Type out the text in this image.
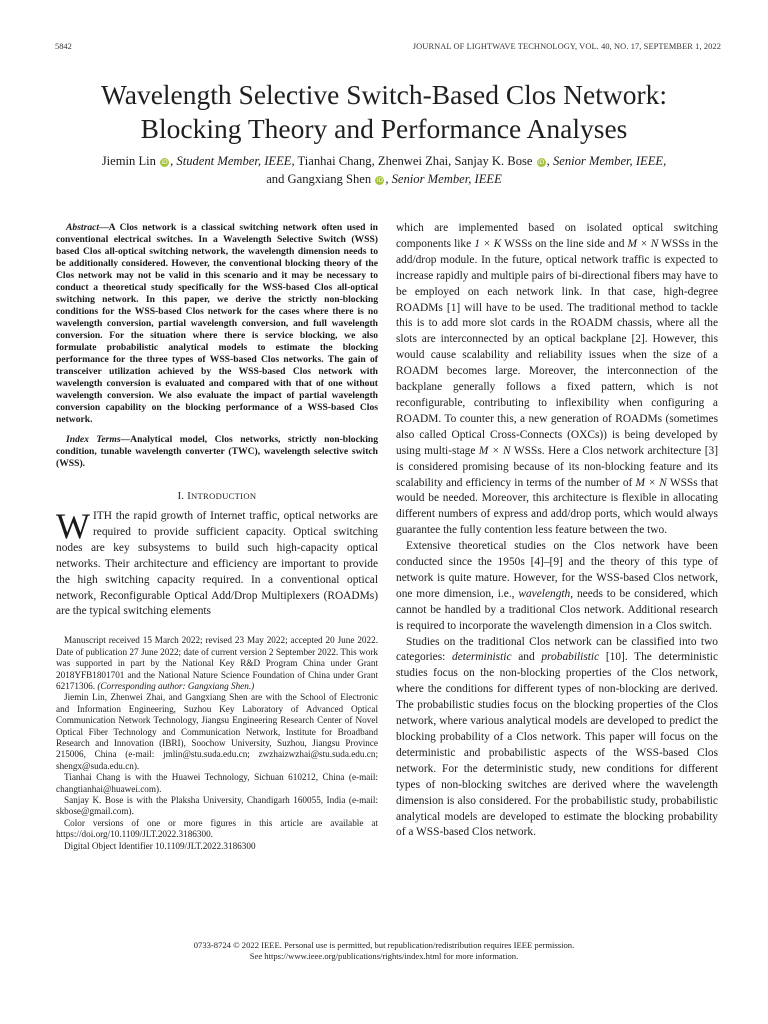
5842	JOURNAL OF LIGHTWAVE TECHNOLOGY, VOL. 40, NO. 17, SEPTEMBER 1, 2022
Wavelength Selective Switch-Based Clos Network:
Blocking Theory and Performance Analyses
Jiemin Lin iD , Student Member, IEEE, Tianhai Chang, Zhenwei Zhai, Sanjay K. Bose iD , Senior Member, IEEE,
and Gangxiang Shen iD , Senior Member, IEEE

Abstract—A Clos network is a classical switching network often used in conventional electrical switches. In a Wavelength Selective Switch (WSS) based Clos all-optical switching network, the wavelength dimension needs to be additionally considered. However, the conventional blocking theory of the Clos network may not be valid in this scenario and it may be necessary to conduct a theoretical study specifically for the WSS-based Clos all-optical switching network. In this paper, we derive the strictly non-blocking conditions for the WSS-based Clos network for the cases where there is no wavelength conversion, partial wavelength conversion, and full wavelength conversion. For the situation where there is service blocking, we also formulate probabilistic analytical models to estimate the blocking performance for the three types of WSS-based Clos networks. The gain of transceiver utilization achieved by the WSS-based Clos network with wavelength conversion is evaluated and compared with that of one without wavelength conversion. We also evaluate the impact of partial wavelength conversion capability on the blocking performance of a WSS-based Clos network.

Index Terms—Analytical model, Clos networks, strictly non-blocking condition, tunable wavelength converter (TWC), wavelength selective switch (WSS).

I. INTRODUCTION

WITH the rapid growth of Internet traffic, optical networks are required to provide sufficient capacity. Optical switching nodes are key subsystems to build such high-capacity optical networks. Their architecture and efficiency are important to provide the high switching capacity required. In a conventional optical network, Reconfigurable Optical Add/Drop Multiplexers (ROADMs) are the typical switching elements

Manuscript received 15 March 2022; revised 23 May 2022; accepted 20 June 2022. Date of publication 27 June 2022; date of current version 2 September 2022. This work was supported in part by the National Key R&D Program China under Grant 2018YFB1801701 and the National Nature Science Foundation of China under Grant 62171306. (Corresponding author: Gangxiang Shen.)

Jiemin Lin, Zhenwei Zhai, and Gangxiang Shen are with the School of Electronic and Information Engineering, Suzhou Key Laboratory of Advanced Optical Communication Network Technology, Jiangsu Engineering Research Center of Novel Optical Fiber Technology and Communication Network, Institute for Broadband Research and Innovation (IBRI), Soochow University, Suzhou, Jiangsu Province 215006, China (e-mail: jmlin@stu.suda.edu.cn; zwzhaizwzhai@stu.suda.edu.cn; shengx@suda.edu.cn).

Tianhai Chang is with the Huawei Technology, Sichuan 610212, China (e-mail: changtianhai@huawei.com).

Sanjay K. Bose is with the Plaksha University, Chandigarh 160055, India (e-mail: skbose@gmail.com).

Color versions of one or more figures in this article are available at https://doi.org/10.1109/JLT.2022.3186300.

Digital Object Identifier 10.1109/JLT.2022.3186300

which are implemented based on isolated optical switching components like 1 × K WSSs on the line side and M × N WSSs in the add/drop module. In the future, optical network traffic is expected to increase rapidly and multiple pairs of bi-directional fibers may have to be employed on each network link. In that case, high-degree ROADMs [1] will have to be used. The traditional method to tackle this is to add more slot cards in the ROADM chassis, where all the slots are interconnected by an optical backplane [2]. However, this would cause scalability and reliability issues when the size of a ROADM becomes large. Moreover, the interconnection of the backplane generally follows a fixed pattern, which is not reconfigurable, contributing to inflexibility when configuring a ROADM. To counter this, a new generation of ROADMs (sometimes also called Optical Cross-Connects (OXCs)) is being developed by using multi-stage M × N WSSs. Here a Clos network architecture [3] is considered promising because of its non-blocking feature and its scalability and efficiency in terms of the number of M × N WSSs that would be needed. Moreover, this architecture is flexible in allocating different numbers of express and add/drop ports, which would always guarantee the fully contention less feature between the two.

Extensive theoretical studies on the Clos network have been conducted since the 1950s [4]–[9] and the theory of this type of network is quite mature. However, for the WSS-based Clos network, one more dimension, i.e., wavelength, needs to be considered, which cannot be handled by a traditional Clos network. Additional research is required to incorporate the wavelength dimension in a Clos switch.

Studies on the traditional Clos network can be classified into two categories: deterministic and probabilistic [10]. The deterministic studies focus on the non-blocking properties of the Clos network, where the conditions for different types of non-blocking are derived. The probabilistic studies focus on the blocking properties of the Clos network, where various analytical models are developed to predict the blocking probability of a Clos network. This paper will focus on the deterministic and probabilistic aspects of the WSS-based Clos network. For the deterministic study, new conditions for different types of non-blocking switches are derived where the wavelength dimension is also considered. For the probabilistic study, probabilistic analytical models are developed to estimate the blocking probability of a WSS-based Clos network.

0733-8724 © 2022 IEEE. Personal use is permitted, but republication/redistribution requires IEEE permission.
See https://www.ieee.org/publications/rights/index.html for more information.
